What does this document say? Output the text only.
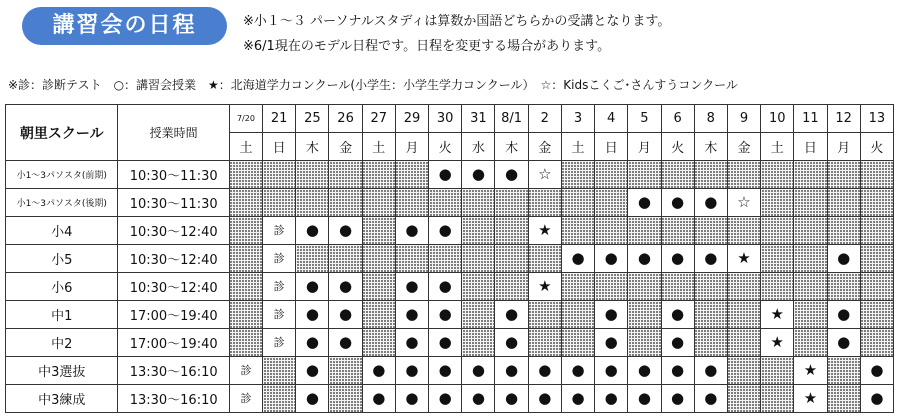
講習会の日程	※小１～３ パーソナルスタディは算数か国語どちらかの受講となります。
※6/1現在のモデル日程です。日程を変更する場合があります。
※診：診断テスト　○：講習会授業　★：北海道学力コンクール(小学生：小学生学力コンクール）　☆：Kidsこくご･さんすうコンクール
朝里スクール	授業時間	7/20	21	25	26	27	29	30	31	8/1	2	3	4	5	6	8	9	10	11	12	13
		土	日	木	金	土	月	火	水	木	金	土	日	月	火	木	金	土	日	月	火
小1～3パソスタ(前期)	10:30～11:30							●	●	●	☆										
小1～3パソスタ(後期)	10:30～11:30													●	●	●	☆				
小4	10:30～12:40		診	●	●		●	●			★										
小5	10:30～12:40		診									●	●	●	●	●	★			●	
小6	10:30～12:40		診	●	●		●	●			★										
中1	17:00～19:40		診	●	●		●	●		●			●		●			★		●	
中2	17:00～19:40		診	●	●		●	●		●			●		●			★		●	
中3選抜	13:30～16:10	診		●		●	●	●	●	●	●	●	●	●	●	●			★		●
中3練成	13:30～16:10	診		●		●	●	●	●	●	●	●	●	●	●	●			★		●
